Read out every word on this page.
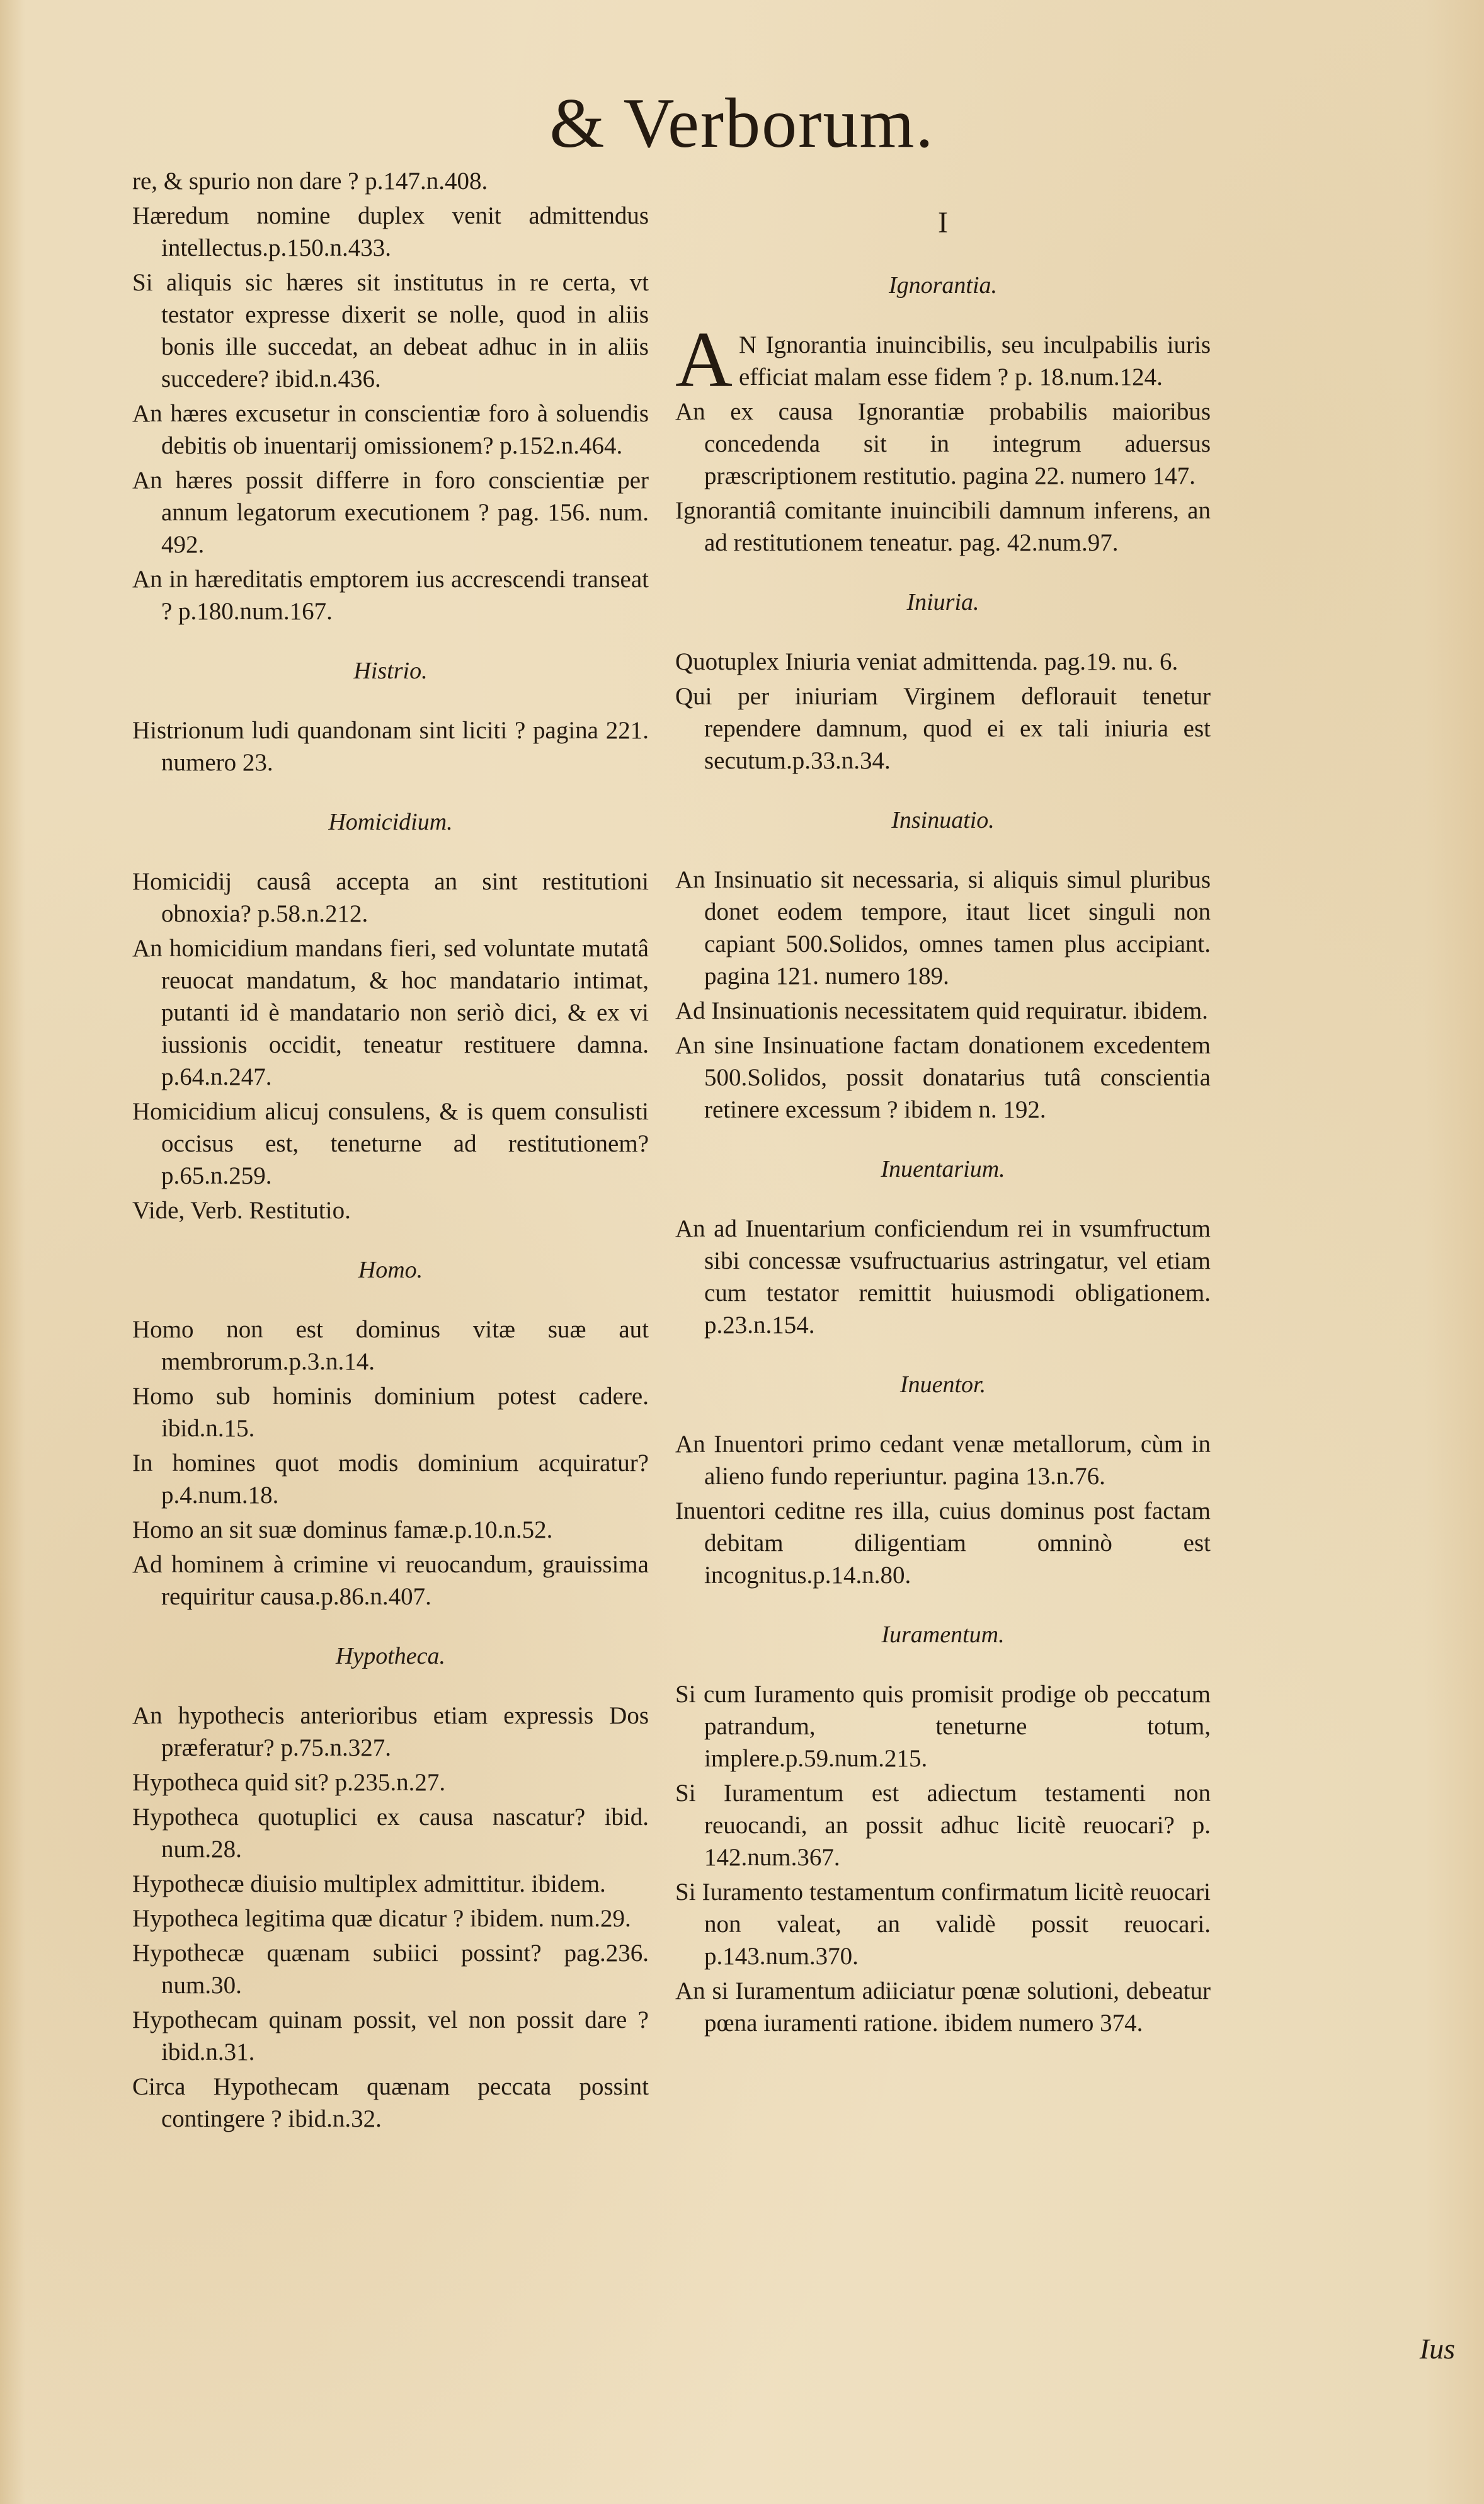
& Verborum.
re, & spurio non dare ? p.147.n.408.
Hæredum nomine duplex venit admittendus intellectus.p.150.n.433.
Si aliquis sic hæres sit institutus in re certa, vt testator expresse dixerit se nolle, quod in aliis bonis ille succedat, an debeat adhuc in in aliis succedere? ibid.n.436.
An hæres excusetur in conscientiæ foro à soluendis debitis ob inuentarij omissionem? p.152.n.464.
An hæres possit differre in foro conscientiæ per annum legatorum executionem ? pag. 156. num. 492.
An in hæreditatis emptorem ius accrescendi transeat ? p.180.num.167.
Histrio.
Histrionum ludi quandonam sint liciti ? pagina 221. numero 23.
Homicidium.
Homicidij causâ accepta an sint restitutioni obnoxia? p.58.n.212.
An homicidium mandans fieri, sed voluntate mutatâ reuocat mandatum, & hoc mandatario intimat, putanti id è mandatario non seriò dici, & ex vi iussionis occidit, teneatur restituere damna. p.64.n.247.
Homicidium alicuj consulens, & is quem consulisti occisus est, teneturne ad restitutionem? p.65.n.259.
Vide, Verb. Restitutio.
Homo.
Homo non est dominus vitæ suæ aut membrorum.p.3.n.14.
Homo sub hominis dominium potest cadere. ibid.n.15.
In homines quot modis dominium acquiratur? p.4.num.18.
Homo an sit suæ dominus famæ.p.10.n.52.
Ad hominem à crimine vi reuocandum, grauissima requiritur causa.p.86.n.407.
Hypotheca.
An hypothecis anterioribus etiam expressis Dos præferatur? p.75.n.327.
Hypotheca quid sit? p.235.n.27.
Hypotheca quotuplici ex causa nascatur? ibid. num.28.
Hypothecæ diuisio multiplex admittitur. ibidem.
Hypotheca legitima quæ dicatur ? ibidem. num.29.
Hypothecæ quænam subiici possint? pag.236. num.30.
Hypothecam quinam possit, vel non possit dare ? ibid.n.31.
Circa Hypothecam quænam peccata possint contingere ? ibid.n.32.
I
Ignorantia.
A N Ignorantia inuincibilis, seu inculpabilis iuris efficiat malam esse fidem ? p. 18.num.124.
An ex causa Ignorantiæ probabilis maioribus concedenda sit in integrum aduersus præscriptionem restitutio. pagina 22. numero 147.
Ignorantiâ comitante inuincibili damnum inferens, an ad restitutionem teneatur. pag. 42.num.97.
Iniuria.
Quotuplex Iniuria veniat admittenda. pag.19. nu. 6.
Qui per iniuriam Virginem deflorauit tenetur rependere damnum, quod ei ex tali iniuria est secutum.p.33.n.34.
Insinuatio.
An Insinuatio sit necessaria, si aliquis simul pluribus donet eodem tempore, itaut licet singuli non capiant 500.Solidos, omnes tamen plus accipiant. pagina 121. numero 189.
Ad Insinuationis necessitatem quid requiratur. ibidem.
An sine Insinuatione factam donationem excedentem 500.Solidos, possit donatarius tutâ conscientia retinere excessum ? ibidem n. 192.
Inuentarium.
An ad Inuentarium conficiendum rei in vsumfructum sibi concessæ vsufructuarius astringatur, vel etiam cum testator remittit huiusmodi obligationem. p.23.n.154.
Inuentor.
An Inuentori primo cedant venæ metallorum, cùm in alieno fundo reperiuntur. pagina 13.n.76.
Inuentori ceditne res illa, cuius dominus post factam debitam diligentiam omninò est incognitus.p.14.n.80.
Iuramentum.
Si cum Iuramento quis promisit prodige ob peccatum patrandum, teneturne totum, implere.p.59.num.215.
Si Iuramentum est adiectum testamenti non reuocandi, an possit adhuc licitè reuocari? p. 142.num.367.
Si Iuramento testamentum confirmatum licitè reuocari non valeat, an validè possit reuocari. p.143.num.370.
An si Iuramentum adiiciatur pœnæ solutioni, debeatur pœna iuramenti ratione. ibidem numero 374.
Ius
